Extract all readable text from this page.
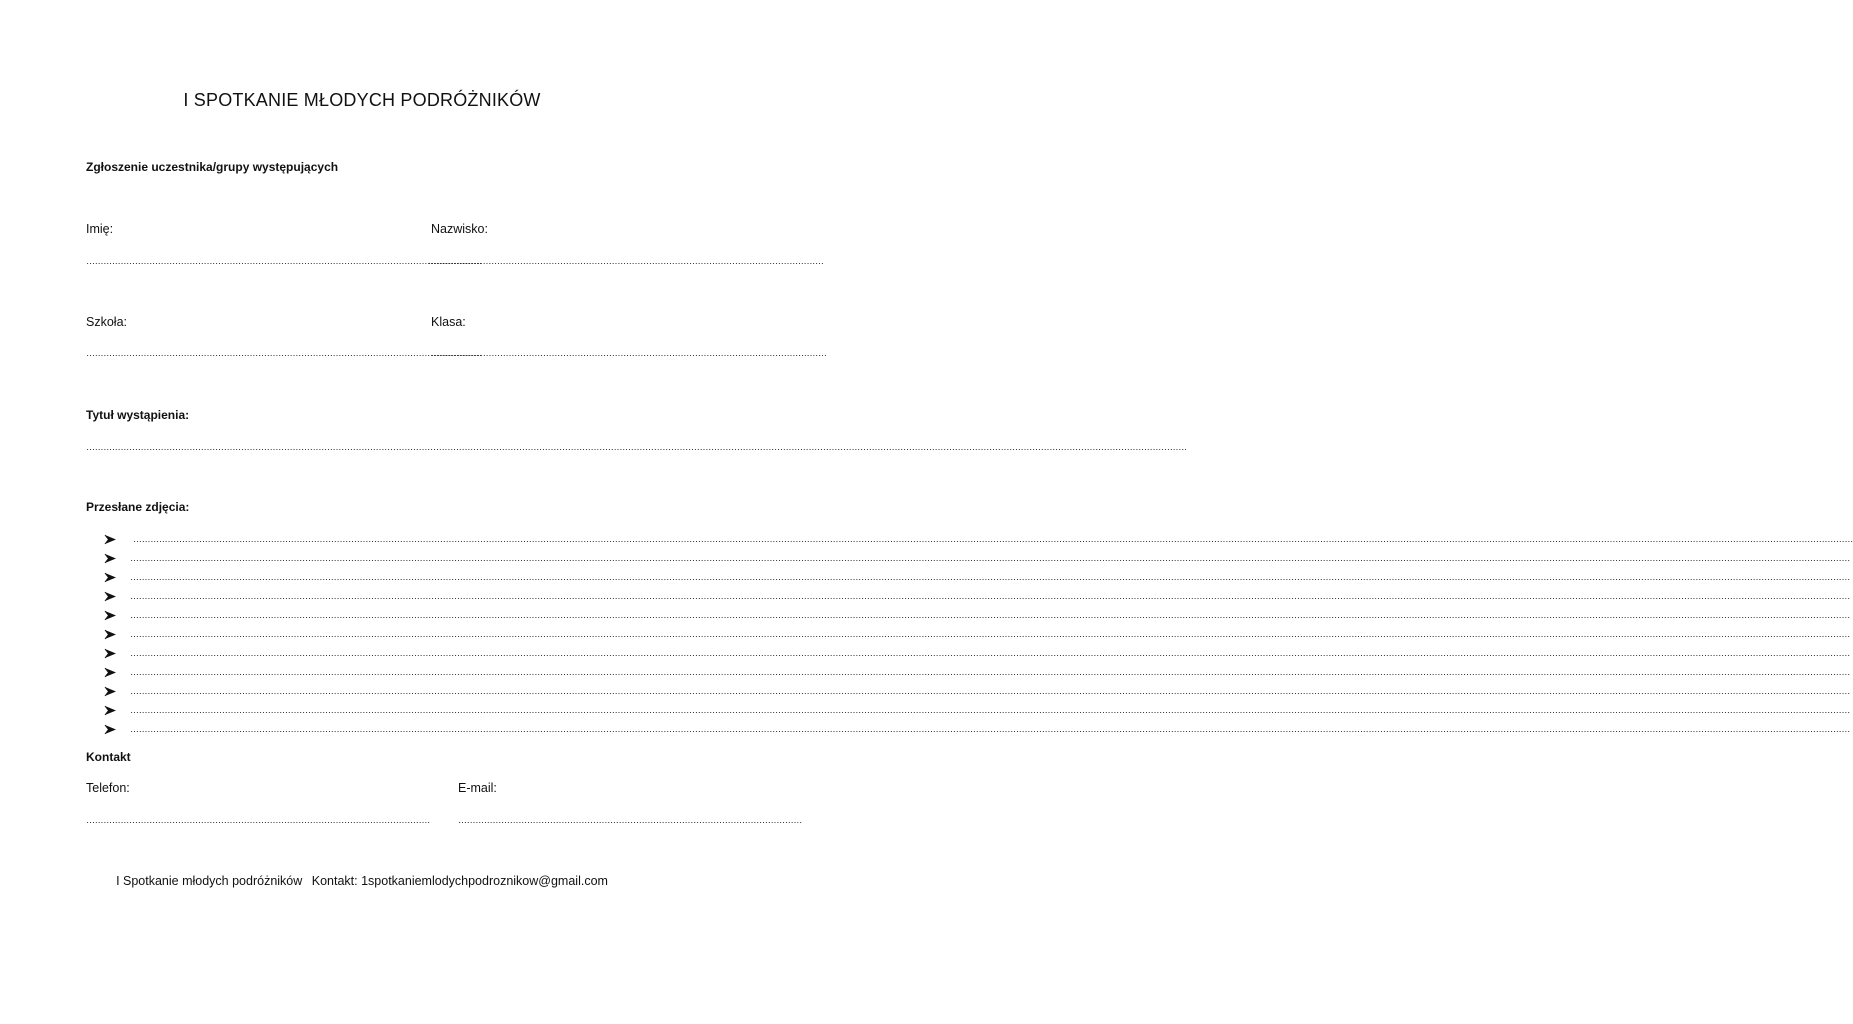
I SPOTKANIE MŁODYCH PODRÓŻNIKÓW
Zgłoszenie uczestnika/grupy występujących
Imię:	Nazwisko:
…………………………………………………………………………………………………………………………
…………………………………………………………………………………………………………………………
Szkoła:	Klasa:
…………………………………………………………………………………………………………………………
…………………………………………………………………………………………………………………………
Tytuł wystąpienia:
……………………………………………………………………………………………………………………………………………………………………………………………………………………………………………………………………………………………………………………………………………………
Przesłane zdjęcia:
……………………………………………………………………………………………………………………………………………………………………………………………………………………………………………………………………………………………………………………………………………………………………………………………………………………………………………………………………………………………………………………………………………………
……………………………………………………………………………………………………………………………………………………………………………………………………………………………………………………………………………………………………………………………………………………………………………………………………………………………………………………………………………………………………………………………………………………
……………………………………………………………………………………………………………………………………………………………………………………………………………………………………………………………………………………………………………………………………………………………………………………………………………………………………………………………………………………………………………………………………………………
……………………………………………………………………………………………………………………………………………………………………………………………………………………………………………………………………………………………………………………………………………………………………………………………………………………………………………………………………………………………………………………………………………………
……………………………………………………………………………………………………………………………………………………………………………………………………………………………………………………………………………………………………………………………………………………………………………………………………………………………………………………………………………………………………………………………………………………
……………………………………………………………………………………………………………………………………………………………………………………………………………………………………………………………………………………………………………………………………………………………………………………………………………………………………………………………………………………………………………………………………………………
……………………………………………………………………………………………………………………………………………………………………………………………………………………………………………………………………………………………………………………………………………………………………………………………………………………………………………………………………………………………………………………………………………………
……………………………………………………………………………………………………………………………………………………………………………………………………………………………………………………………………………………………………………………………………………………………………………………………………………………………………………………………………………………………………………………………………………………
……………………………………………………………………………………………………………………………………………………………………………………………………………………………………………………………………………………………………………………………………………………………………………………………………………………………………………………………………………………………………………………………………………………
……………………………………………………………………………………………………………………………………………………………………………………………………………………………………………………………………………………………………………………………………………………………………………………………………………………………………………………………………………………………………………………………………………………
……………………………………………………………………………………………………………………………………………………………………………………………………………………………………………………………………………………………………………………………………………………………………………………………………………………………………………………………………………………………………………………………………………………
Kontakt
Telefon:	E-mail:
…………………………………………………………………………………………………………	…………………………………………………………………………………………………………
I Spotkanie młodych podróżników Kontakt: 1spotkaniemlodychpodroznikow@gmail.com
